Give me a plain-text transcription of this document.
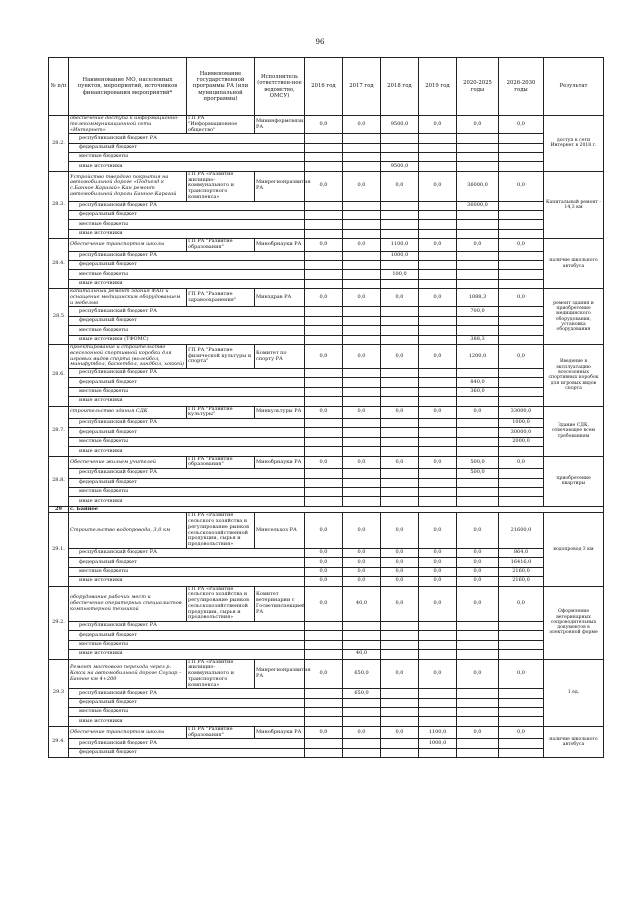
96
№ п/п	Наименование МО, населенных пунктов, мероприятий, источников финансирования мероприятий*	Наименование государственной программы РА (или муниципальной программы)	Исполнитель (ответствен-ное ведомство, ОМСУ)	2016 год	2017 год	2018 год	2019 год	2020-2025 годы	2026-2030 годы	Результат
28.2.	обеспечение доступа к информационно-телекоммуникационной сети «Интернет»	ГП РА "Информационное общество"	Мининформсвязи РА	0,0	0,0	9500,0	0,0	0,0	0,0	доступ к сети Интернет в 2018 г.
	республиканский бюджет РА									
	федеральный бюджет									
	местные бюджеты									
	иные источники					9500,0				
28.3.	Устройство твердого покрытия на автомобильной дороге «Подъезд к с.Банное Карагай» Кан ремонт автомобильной дороги Банное-Карагай	ГП РА «Развитие жилищно-коммунального и транспортного комплекса»	Минрегионразвития РА	0,0	0,0	0,0	0,0	36000,0	0,0	Капитальный ремонт - 14,3 км
	республиканский бюджет РА							36000,0		
	федеральный бюджет									
	местные бюджеты									
	иные источники									
28.4.	Обеспечение транспортом школы	ГП РА "Развитие образования"	Минобрнауки РА	0,0	0,0	1100,0	0,0	0,0	0,0	наличие школьного автобуса
	республиканский бюджет РА					1000,0				
	федеральный бюджет									
	местные бюджеты					100,0				
	иные источники									
28.5	капитальный ремонт здания ФАП и оснащение медицинским оборудованием и мебелью	ГП РА "Развитие здравоохранения"	Минздрав РА	0,0	0,0	0,0	0,0	1088,3	0,0	ремонт здания и приобретение медицинского оборудования, установка оборудования
	республиканский бюджет РА							700,0		
	федеральный бюджет									
	местные бюджеты									
	иные источники (ТФОМС)							388,3		
28.6.	проектирование и строительство всесезонной спортивной коробки для игровых видов спорта (волейбол, минифутбол, баскетбол, гандбол, хоккей)	ГП РА "Развитие физической культуры и спорта"	Комитет по спорту РА	0,0	0,0	0,0	0,0	1200,0	0,0	Введение в эксплуатацию всесезонных спортивных коробок для игровых видов спорта
	республиканский бюджет РА									
	федеральный бюджет							840,0		
	местные бюджеты							360,0		
	иные источники									
28.7.	строительство здания СДК	ГП РА "Развитие культуры"	Минкультуры РА	0,0	0,0	0,0	0,0	0,0	33000,0	Здание СДК, отвечающее всем требованиям
	республиканский бюджет РА								1000,0	
	федеральный бюджет								30000,0	
	местные бюджеты								2000,0	
	иные источники									
28.8.	Обеспечение жильем учителей	ГП РА "Развитие образования"	Минобрнауки РА	0,0	0,0	0,0	0,0	500,0	0,0	приобретение квартиры
	республиканский бюджет РА							500,0		
	федеральный бюджет									
	местные бюджеты									
	иные источники									
29	с. Банное									
29.1.	Строительство водопровода, 3,0 км	ГП РА «Развитие сельского хозяйства и регулирование рынков сельскохозяйственной продукции, сырья и продовольствия»	Минсельхоз РА	0,0	0,0	0,0	0,0	0,0	21600,0	водопровод 3 км
	республиканский бюджет РА			0,0	0,0	0,0	0,0	0,0	864,0	
	федеральный бюджет			0,0	0,0	0,0	0,0	0,0	16416,0	
	местные бюджеты			0,0	0,0	0,0	0,0	0,0	2160,0	
	иные источники			0,0	0,0	0,0	0,0	0,0	2160,0	
29.2.	оборудование рабочих мест и обеспечение оператерных специалистов компьютерной техникой	ГП РА «Развитие сельского хозяйства и регулирование рынков сельскохозяйственной продукции, сырья и продовольствия»	Комитет ветеринарии с Госветинспекцией РА	0,0	40,0	0,0	0,0	0,0	0,0	Оформление ветеринарных сопроводительных документов в электронной форме
	республиканский бюджет РА									
	федеральный бюджет									
	местные бюджеты									
	иные источники				40,0					
29.3	Ремонт мостового перехода через р. Кокса на автомобильной дороге Соузар – Банное км 4+200	ГП РА «Развитие жилищно-коммунального и транспортного комплекса»	Минрегионразвития РА	0,0	650,0	0,0	0,0	0,0	0,0	1 ед.
	республиканский бюджет РА				650,0					
	федеральный бюджет									
	местные бюджеты									
	иные источники									
29.4.	Обеспечение транспортом школы	ГП РА "Развитие образования"	Минобрнауки РА	0,0	0,0	0,0	1100,0	0,0	0,0	наличие школьного автобуса
	республиканский бюджет РА						1000,0			
	федеральный бюджет									
